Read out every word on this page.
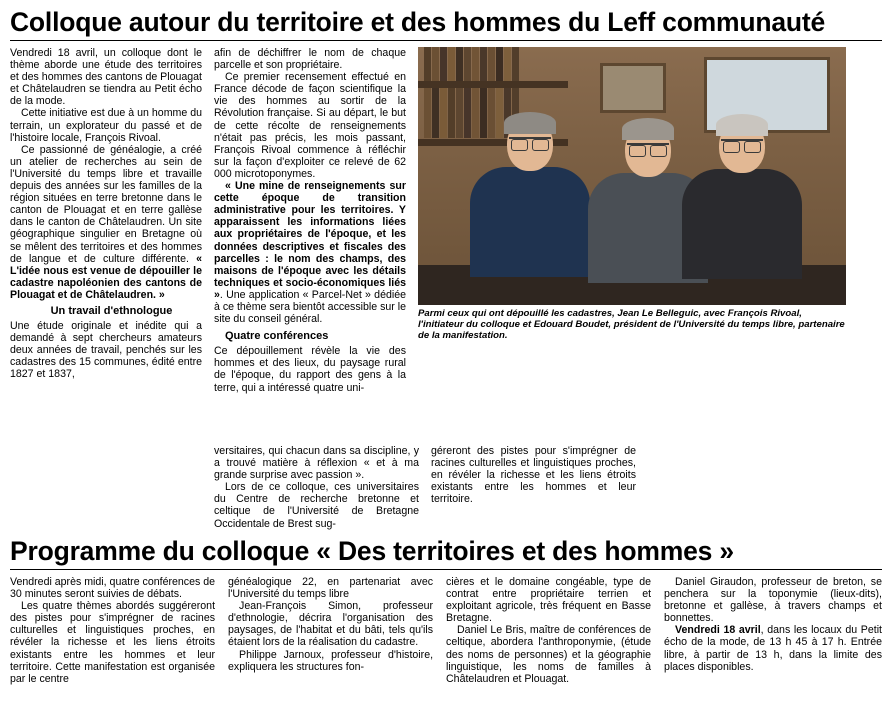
Colloque autour du territoire et des hommes du Leff communauté

Vendredi 18 avril, un colloque dont le thème aborde une étude des territoires et des hommes des cantons de Plouagat et Châtelaudren se tiendra au Petit écho de la mode.

Cette initiative est due à un homme du terrain, un explorateur du passé et de l'histoire locale, François Rivoal.

Ce passionné de généalogie, a créé un atelier de recherches au sein de l'Université du temps libre et travaille depuis des années sur les familles de la région situées en terre bretonne dans le canton de Plouagat et en terre gallèse dans le canton de Châtelaudren. Un site géographique singulier en Bretagne où se mêlent des territoires et des hommes de langue et de culture différente. « L'idée nous est venue de dépouiller le cadastre napoléonien des cantons de Plouagat et de Châtelaudren. »

Un travail d'ethnologue

Une étude originale et inédite qui a demandé à sept chercheurs amateurs deux années de travail, penchés sur les cadastres des 15 communes, édité entre 1827 et 1837,

afin de déchiffrer le nom de chaque parcelle et son propriétaire.

Ce premier recensement effectué en France décode de façon scientifique la vie des hommes au sortir de la Révolution française. Si au départ, le but de cette récolte de renseignements n'était pas précis, les mois passant, François Rivoal commence à réfléchir sur la façon d'exploiter ce relevé de 62 000 microtoponymes.

« Une mine de renseignements sur cette époque de transition administrative pour les territoires. Y apparaissent les informations liées aux propriétaires de l'époque, et les données descriptives et fiscales des parcelles : le nom des champs, des maisons de l'époque avec les détails techniques et socio-économiques liés ». Une application « Parcel-Net » dédiée à ce thème sera bientôt accessible sur le site du conseil général.

Quatre conférences

Ce dépouillement révèle la vie des hommes et des lieux, du paysage rural de l'époque, du rapport des gens à la terre, qui a intéressé quatre uni-

Parmi ceux qui ont dépouillé les cadastres, Jean Le Belleguic, avec François Rivoal, l'initiateur du colloque et Edouard Boudet, président de l'Université du temps libre, partenaire de la manifestation.

versitaires, qui chacun dans sa discipline, y a trouvé matière à réflexion « et à ma grande surprise avec passion ».

Lors de ce colloque, ces universitaires du Centre de recherche bretonne et celtique de l'Université de Bretagne Occidentale de Brest sug-

géreront des pistes pour s'imprégner de racines culturelles et linguistiques proches, en révéler la richesse et les liens étroits existants entre les hommes et leur territoire.

Programme du colloque « Des territoires et des hommes »

Vendredi après midi, quatre conférences de 30 minutes seront suivies de débats.

Les quatre thèmes abordés suggéreront des pistes pour s'imprégner de racines culturelles et linguistiques proches, en révéler la richesse et les liens étroits existants entre les hommes et leur territoire. Cette manifestation est organisée par le centre

généalogique 22, en partenariat avec l'Université du temps libre

Jean-François Simon, professeur d'ethnologie, décrira l'organisation des paysages, de l'habitat et du bâti, tels qu'ils étaient lors de la réalisation du cadastre.

Philippe Jarnoux, professeur d'histoire, expliquera les structures fon-

cières et le domaine congéable, type de contrat entre propriétaire terrien et exploitant agricole, très fréquent en Basse Bretagne.

Daniel Le Bris, maître de conférences de celtique, abordera l'anthroponymie, (étude des noms de personnes) et la géographie linguistique, les noms de familles à Châtelaudren et Plouagat.

Daniel Giraudon, professeur de breton, se penchera sur la toponymie (lieux-dits), bretonne et gallèse, à travers champs et bonnettes.

Vendredi 18 avril, dans les locaux du Petit écho de la mode, de 13 h 45 à 17 h. Entrée libre, à partir de 13 h, dans la limite des places disponibles.
